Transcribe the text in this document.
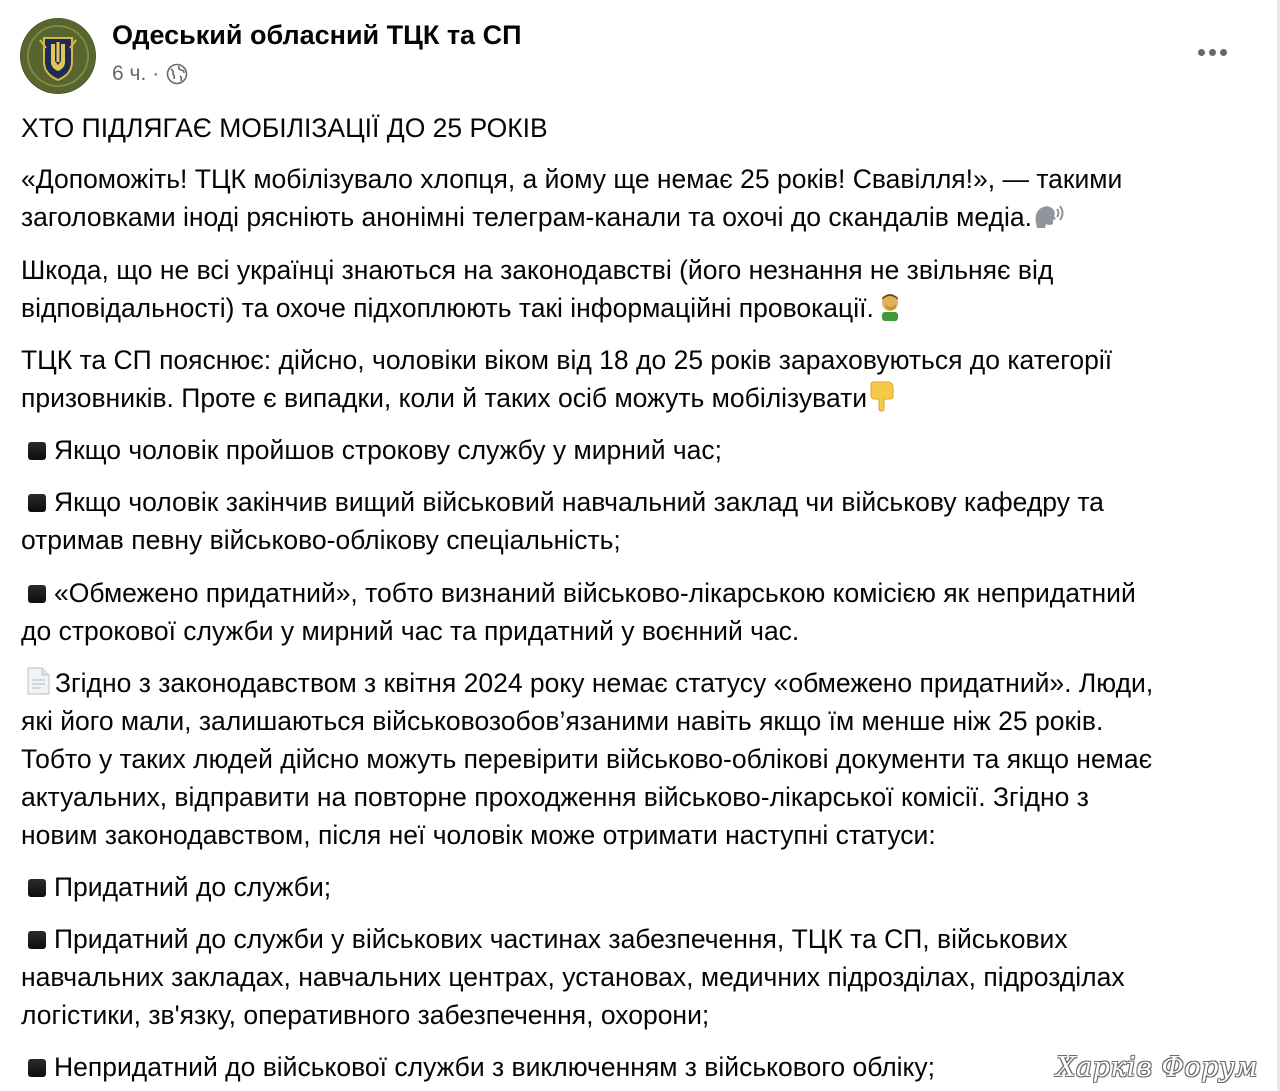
Одеський обласний ТЦК та СП
6 ч. ·

ХТО ПІДЛЯГАЄ МОБІЛІЗАЦІЇ ДО 25 РОКІВ

«Допоможіть! ТЦК мобілізувало хлопця, а йому ще немає 25 років! Свавілля!», — такими
заголовками іноді рясніють анонімні телеграм-канали та охочі до скандалів медіа.

Шкода, що не всі українці знаються на законодавстві (його незнання не звільняє від
відповідальності) та охоче підхоплюють такі інформаційні провокації.

ТЦК та СП пояснює: дійсно, чоловіки віком від 18 до 25 років зараховуються до категорії
призовників. Проте є випадки, коли й таких осіб можуть мобілізувати

Якщо чоловік пройшов строкову службу у мирний час;

Якщо чоловік закінчив вищий військовий навчальний заклад чи військову кафедру та
отримав певну військово-облікову спеціальність;

«Обмежено придатний», тобто визнаний військово-лікарською комісією як непридатний
до строкової служби у мирний час та придатний у воєнний час.

Згідно з законодавством з квітня 2024 року немає статусу «обмежено придатний». Люди,
які його мали, залишаються військовозобов’язаними навіть якщо їм менше ніж 25 років.
Тобто у таких людей дійсно можуть перевірити військово-облікові документи та якщо немає
актуальних, відправити на повторне проходження військово-лікарської комісії. Згідно з
новим законодавством, після неї чоловік може отримати наступні статуси:

Придатний до служби;

Придатний до служби у військових частинах забезпечення, ТЦК та СП, військових
навчальних закладах, навчальних центрах, установах, медичних підрозділах, підрозділах
логістики, зв'язку, оперативного забезпечення, охорони;

Непридатний до військової служби з виключенням з військового обліку;	Харків Форум
